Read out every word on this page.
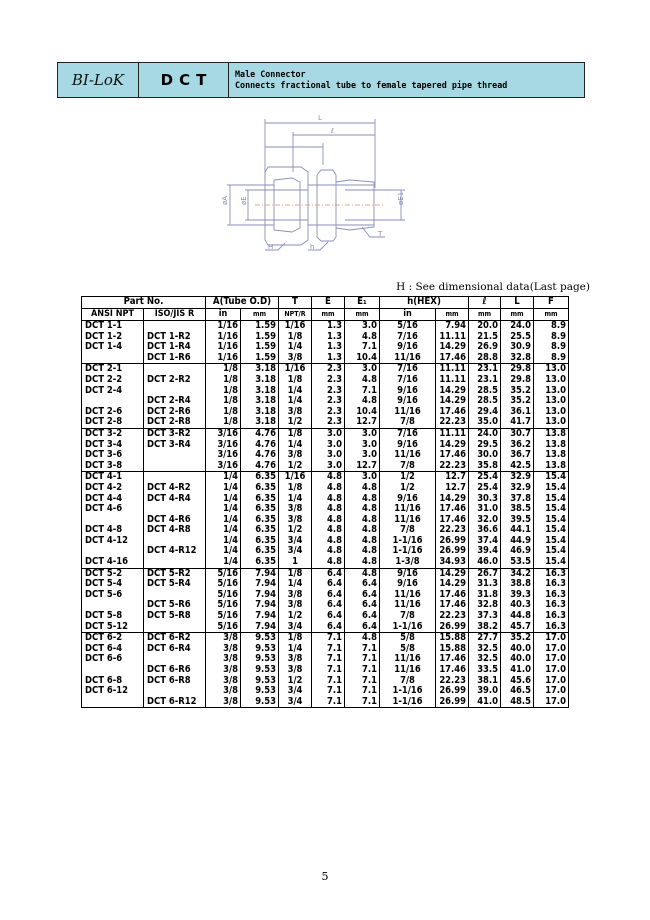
BI-LoK	DCT	Male Connector
Connects fractional tube to female tapered pipe thread
L
ℓ
øA øE	øE1
H	h
T
H : See dimensional data(Last page)
Part No.		A(Tube O.D)		T	E	E₁	h(HEX)		ℓ	L	F
ANSI NPT	ISO/JIS R	in	mm	NPT/R	mm	mm	in	mm	mm	mm	mm
DCT 1-1		1/16	1.59	1/16	1.3	3.0	5/16	7.94	20.0	24.0	8.9
DCT 1-2	DCT 1-R2	1/16	1.59	1/8	1.3	4.8	7/16	11.11	21.5	25.5	8.9
DCT 1-4	DCT 1-R4	1/16	1.59	1/4	1.3	7.1	9/16	14.29	26.9	30.9	8.9
	DCT 1-R6	1/16	1.59	3/8	1.3	10.4	11/16	17.46	28.8	32.8	8.9
DCT 2-1		1/8	3.18	1/16	2.3	3.0	7/16	11.11	23.1	29.8	13.0
DCT 2-2	DCT 2-R2	1/8	3.18	1/8	2.3	4.8	7/16	11.11	23.1	29.8	13.0
DCT 2-4		1/8	3.18	1/4	2.3	7.1	9/16	14.29	28.5	35.2	13.0
	DCT 2-R4	1/8	3.18	1/4	2.3	4.8	9/16	14.29	28.5	35.2	13.0
DCT 2-6	DCT 2-R6	1/8	3.18	3/8	2.3	10.4	11/16	17.46	29.4	36.1	13.0
DCT 2-8	DCT 2-R8	1/8	3.18	1/2	2.3	12.7	7/8	22.23	35.0	41.7	13.0
DCT 3-2	DCT 3-R2	3/16	4.76	1/8	3.0	3.0	7/16	11.11	24.0	30.7	13.8
DCT 3-4	DCT 3-R4	3/16	4.76	1/4	3.0	3.0	9/16	14.29	29.5	36.2	13.8
DCT 3-6		3/16	4.76	3/8	3.0	3.0	11/16	17.46	30.0	36.7	13.8
DCT 3-8		3/16	4.76	1/2	3.0	12.7	7/8	22.23	35.8	42.5	13.8
DCT 4-1		1/4	6.35	1/16	4.8	3.0	1/2	12.7	25.4	32.9	15.4
DCT 4-2	DCT 4-R2	1/4	6.35	1/8	4.8	4.8	1/2	12.7	25.4	32.9	15.4
DCT 4-4	DCT 4-R4	1/4	6.35	1/4	4.8	4.8	9/16	14.29	30.3	37.8	15.4
DCT 4-6		1/4	6.35	3/8	4.8	4.8	11/16	17.46	31.0	38.5	15.4
	DCT 4-R6	1/4	6.35	3/8	4.8	4.8	11/16	17.46	32.0	39.5	15.4
DCT 4-8	DCT 4-R8	1/4	6.35	1/2	4.8	4.8	7/8	22.23	36.6	44.1	15.4
DCT 4-12		1/4	6.35	3/4	4.8	4.8	1-1/16	26.99	37.4	44.9	15.4
	DCT 4-R12	1/4	6.35	3/4	4.8	4.8	1-1/16	26.99	39.4	46.9	15.4
DCT 4-16		1/4	6.35	1	4.8	4.8	1-3/8	34.93	46.0	53.5	15.4
DCT 5-2	DCT 5-R2	5/16	7.94	1/8	6.4	4.8	9/16	14.29	26.7	34.2	16.3
DCT 5-4	DCT 5-R4	5/16	7.94	1/4	6.4	6.4	9/16	14.29	31.3	38.8	16.3
DCT 5-6		5/16	7.94	3/8	6.4	6.4	11/16	17.46	31.8	39.3	16.3
	DCT 5-R6	5/16	7.94	3/8	6.4	6.4	11/16	17.46	32.8	40.3	16.3
DCT 5-8	DCT 5-R8	5/16	7.94	1/2	6.4	6.4	7/8	22.23	37.3	44.8	16.3
DCT 5-12		5/16	7.94	3/4	6.4	6.4	1-1/16	26.99	38.2	45.7	16.3
DCT 6-2	DCT 6-R2	3/8	9.53	1/8	7.1	4.8	5/8	15.88	27.7	35.2	17.0
DCT 6-4	DCT 6-R4	3/8	9.53	1/4	7.1	7.1	5/8	15.88	32.5	40.0	17.0
DCT 6-6		3/8	9.53	3/8	7.1	7.1	11/16	17.46	32.5	40.0	17.0
	DCT 6-R6	3/8	9.53	3/8	7.1	7.1	11/16	17.46	33.5	41.0	17.0
DCT 6-8	DCT 6-R8	3/8	9.53	1/2	7.1	7.1	7/8	22.23	38.1	45.6	17.0
DCT 6-12		3/8	9.53	3/4	7.1	7.1	1-1/16	26.99	39.0	46.5	17.0
	DCT 6-R12	3/8	9.53	3/4	7.1	7.1	1-1/16	26.99	41.0	48.5	17.0
5
